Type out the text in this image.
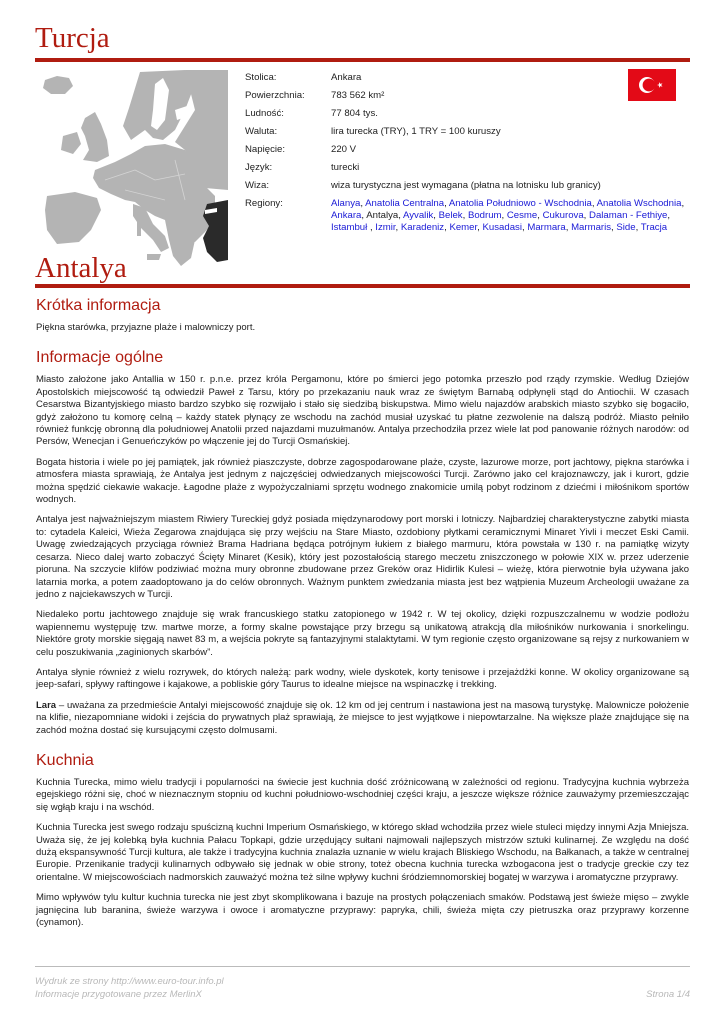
Turcja
Stolica:	Ankara
Powierzchnia:	783 562 km²
Ludność:	77 804 tys.
Waluta:	lira turecka (TRY), 1 TRY = 100 kuruszy
Napięcie:	220 V
Język:	turecki
Wiza:	wiza turystyczna jest wymagana (płatna na lotnisku lub granicy)
Regiony:	Alanya, Anatolia Centralna, Anatolia Południowo - Wschodnia, Anatolia Wschodnia, Ankara, Antalya, Ayvalik, Belek, Bodrum, Cesme, Cukurova, Dalaman - Fethiye, Istambuł , Izmir, Karadeniz, Kemer, Kusadasi, Marmara, Marmaris, Side, Tracja
Antalya
Krótka informacja

Piękna starówka, przyjazne plaże i malowniczy port.

Informacje ogólne

Miasto założone jako Antallia w 150 r. p.n.e. przez króla Pergamonu, które po śmierci jego potomka przeszło pod rządy rzymskie. Według Dziejów Apostolskich miejscowość tą odwiedził Paweł z Tarsu, który po przekazaniu nauk wraz ze świętym Barnabą odpłynęli stąd do Antiochii. W czasach Cesarstwa Bizantyjskiego miasto bardzo szybko się rozwijało i stało się siedzibą biskupstwa. Mimo wielu najazdów arabskich miasto szybko się bogaciło, gdyż założono tu komorę celną – każdy statek płynący ze wschodu na zachód musiał uzyskać tu płatne zezwolenie na dalszą podróż. Miasto pełniło również funkcję obronną dla południowej Anatolii przed najazdami muzułmanów. Antalya przechodziła przez wiele lat pod panowanie różnych narodów: od Persów, Wenecjan i Genueńczyków po włączenie jej do Turcji Osmańskiej.

Bogata historia i wiele po jej pamiątek, jak również piaszczyste, dobrze zagospodarowane plaże, czyste, lazurowe morze, port jachtowy, piękna starówka i atmosfera miasta sprawiają, że Antalya jest jednym z najczęściej odwiedzanych miejscowości Turcji. Zarówno jako cel krajoznawczy, jak i kurort, gdzie można spędzić ciekawie wakacje. Łagodne plaże z wypożyczalniami sprzętu wodnego znakomicie umilą pobyt rodzinom z dziećmi i miłośnikom sportów wodnych.

Antalya jest najważniejszym miastem Riwiery Tureckiej gdyż posiada międzynarodowy port morski i lotniczy. Najbardziej charakterystyczne zabytki miasta to: cytadela Kaleici, Wieża Zegarowa znajdująca się przy wejściu na Stare Miasto, ozdobiony płytkami ceramicznymi Minaret Yivli i meczet Eski Camii. Uwagę zwiedzających przyciąga również Brama Hadriana będąca potrójnym łukiem z białego marmuru, która powstała w 130 r. na pamiątkę wizyty cesarza. Nieco dalej warto zobaczyć Ścięty Minaret (Kesik), który jest pozostałością starego meczetu zniszczonego w połowie XIX w. przez uderzenie pioruna. Na szczycie klifów podziwiać można mury obronne zbudowane przez Greków oraz Hidirlik Kulesi – wieżę, która pierwotnie była używana jako latarnia morka, a potem zaadoptowano ja do celów obronnych. Ważnym punktem zwiedzania miasta jest bez wątpienia Muzeum Archeologii uważane za jedno z najciekawszych w Turcji.

Niedaleko portu jachtowego znajduje się wrak francuskiego statku zatopionego w 1942 r. W tej okolicy, dzięki rozpuszczalnemu w wodzie podłożu wapiennemu występuję tzw. martwe morze, a formy skalne powstające przy brzegu są unikatową atrakcją dla miłośników nurkowania i snorkelingu. Niektóre groty morskie sięgają nawet 83 m, a wejścia pokryte są fantazyjnymi stalaktytami. W tym regionie często organizowane są rejsy z nurkowaniem w celu poszukiwania „zaginionych skarbów”.

Antalya słynie również z wielu rozrywek, do których należą: park wodny, wiele dyskotek, korty tenisowe i przejażdżki konne. W okolicy organizowane są jeep-safari, spływy raftingowe i kajakowe, a pobliskie góry Taurus to idealne miejsce na wspinaczkę i trekking.

Lara – uważana za przedmieście Antalyi miejscowość znajduje się ok. 12 km od jej centrum i nastawiona jest na masową turystykę. Malownicze położenie na klifie, niezapomniane widoki i zejścia do prywatnych plaż sprawiają, że miejsce to jest wyjątkowe i niepowtarzalne. Na większe plaże znajdujące się na zachód można dostać się kursującymi często dolmusami.

Kuchnia

Kuchnia Turecka, mimo wielu tradycji i popularności na świecie jest kuchnia dość zróżnicowaną w zależności od regionu. Tradycyjna kuchnia wybrzeża egejskiego różni się, choć w nieznacznym stopniu od kuchni południowo-wschodniej części kraju, a jeszcze większe różnice zauważymy przemieszczając się wgłąb kraju i na wschód.

Kuchnia Turecka jest swego rodzaju spuścizną kuchni Imperium Osmańskiego, w którego skład wchodziła przez wiele stuleci między innymi Azja Mniejsza. Uważa się, że jej kolebką była kuchnia Pałacu Topkapi, gdzie urzędujący sułtani najmowali najlepszych mistrzów sztuki kulinarnej. Ze względu na dość dużą ekspansywność Turcji kultura, ale także i tradycyjna kuchnia znalazła uznanie w wielu krajach Bliskiego Wschodu, na Bałkanach, a także w centralnej Europie. Przenikanie tradycji kulinarnych odbywało się jednak w obie strony, toteż obecna kuchnia turecka wzbogacona jest o tradycje greckie czy tez orientalne. W miejscowościach nadmorskich zauważyć można też silne wpływy kuchni śródziemnomorskiej bogatej w warzywa i aromatyczne przyprawy.

Mimo wpływów tylu kultur kuchnia turecka nie jest zbyt skomplikowana i bazuje na prostych połączeniach smaków. Podstawą jest świeże mięso – zwykle jagnięcina lub baranina, świeże warzywa i owoce i aromatyczne przyprawy: papryka, chili, świeża mięta czy pietruszka oraz przyprawy korzenne (cynamon).

Wydruk ze strony http://www.euro-tour.info.pl
Informacje przygotowane przez MerlinX	Strona 1/4
